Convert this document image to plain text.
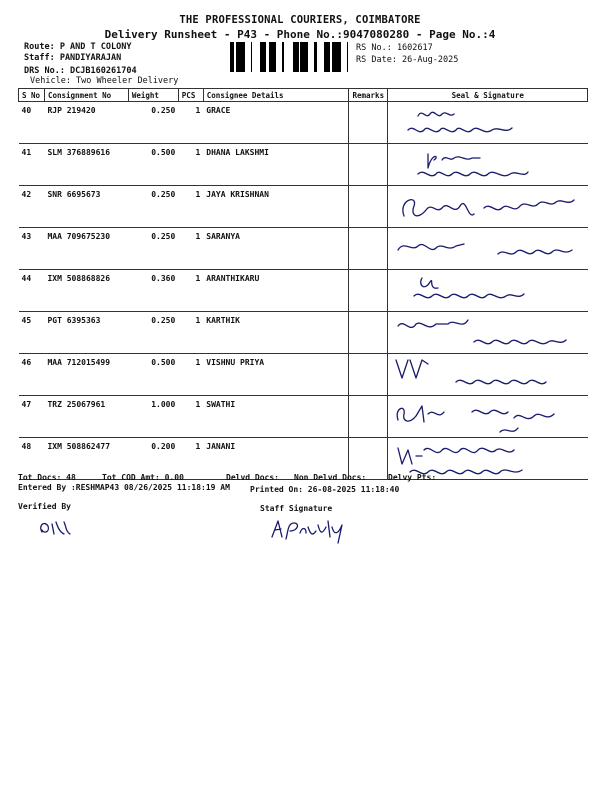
THE PROFESSIONAL COURIERS, COIMBATORE
Delivery Runsheet - P43 - Phone No.:9047080280 - Page No.:4
Route: P AND T COLONY
Staff: PANDIYARAJAN
DRS No.: DCJB160261704
Vehicle: Two Wheeler Delivery
RS No.: 1602617
RS Date: 26-Aug-2025
S No	Consignment No	Weight	PCS	Consignee Details	Remarks	Seal & Signature
40	RJP 219420	0.250	1	GRACE		

41	SLM 376889616	0.500	1	DHANA LAKSHMI		

42	SNR 6695673	0.250	1	JAYA KRISHNAN		

43	MAA 709675230	0.250	1	SARANYA		

44	IXM 508868826	0.360	1	ARANTHIKARU		

45	PGT 6395363	0.250	1	KARTHIK		

46	MAA 712015499	0.500	1	VISHNU PRIYA		

47	TRZ 25067961	1.000	1	SWATHI		

48	IXM 508862477	0.200	1	JANANI		
Tot Docs: 48	Tot COD Amt: 0.00	Delvd Docs: Non Delvd Docs:	Delvy Pts:
Entered By :RESHMAP43 08/26/2025 11:18:19 AM	Printed On: 26-08-2025 11:18:40
Verified By	Staff Signature
